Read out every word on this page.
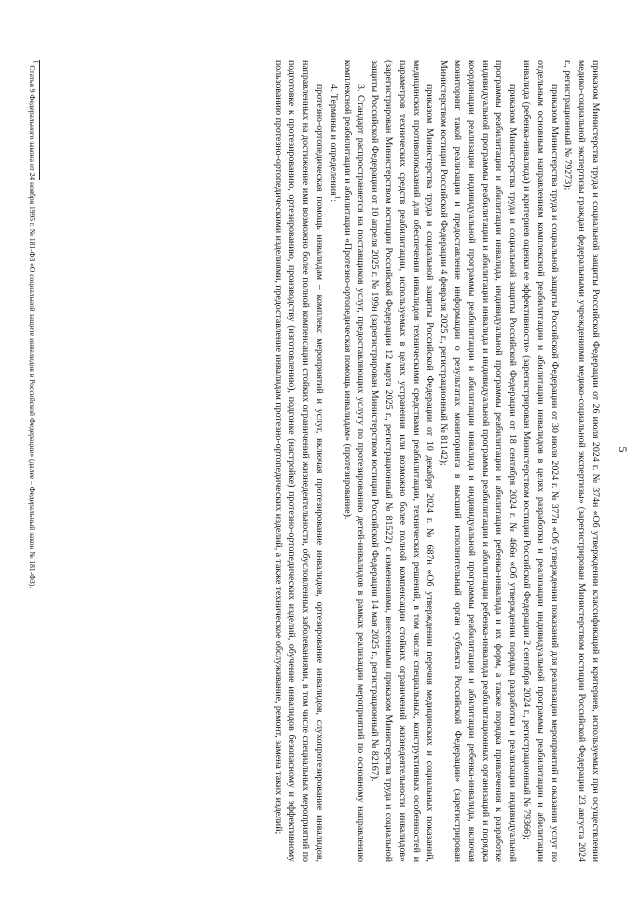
5

приказом Министерства труда и социальной защиты Российской Федерации от 26 июля 2024 г. № 374н «Об утверждении классификаций и критериев, используемых при осуществлении медико-социальной экспертизы граждан федеральными учреждениями медико-социальной экспертизы» (зарегистрирован Министерством юстиции Российской Федерации 23 августа 2024 г., регистрационный № 79273);

приказом Министерства труда и социальной защиты Российской Федерации от 30 июля 2024 г. № 377н «Об утверждении показаний для реализации мероприятий и оказания услуг по отдельным основным направлениям комплексной реабилитации и абилитации инвалидов в целях разработки и реализации индивидуальной программы реабилитации и абилитации инвалида (ребенка-инвалида) и критериев оценки ее эффективности» (зарегистрирован Министерством юстиции Российской Федерации 2 сентября 2024 г., регистрационный № 79366);

приказом Министерства труда и социальной защиты Российской Федерации от 18 сентября 2024 г. № 466н «Об утверждении порядка разработки и реализации индивидуальной программы реабилитации и абилитации инвалида, индивидуальной программы реабилитации и абилитации ребенка-инвалида и их форм, а также порядка привлечения к разработке индивидуальной программы реабилитации и абилитации инвалида и индивидуальной программы реабилитации и абилитации ребенка-инвалида реабилитационных организаций и порядка координации реализации индивидуальной программы реабилитации и абилитации инвалида и индивидуальной программы реабилитации и абилитации ребенка-инвалида, включая мониторинг такой реализации и предоставление информации о результатах мониторинга в высший исполнительный орган субъекта Российской Федерации» (зарегистрирован Министерством юстиции Российской Федерации 4 февраля 2025 г., регистрационный № 81142);

приказом Министерства труда и социальной защиты Российской Федерации от 10 декабря 2024 г. № 687н «Об утверждении перечня медицинских и социальных показаний, медицинских противопоказаний для обеспечения инвалидов техническими средствами реабилитации, технических решений, в том числе специальных, конструктивных особенностей и параметров технических средств реабилитации, используемых в целях устранения или возможно более полной компенсации стойких ограничений жизнедеятельности инвалидов» (зарегистрирован Министерством юстиции Российской Федерации 12 марта 2025 г., регистрационный № 81522) с изменениями, внесенными приказом Министерства труда и социальной защиты Российской Федерации от 10 апреля 2025 г. № 199н (зарегистрирован Министерством юстиции Российской Федерации 14 мая 2025 г., регистрационный № 82167).

3. Стандарт распространяется на поставщиков услуг, предоставляющих услугу по протезированию детей-инвалидов в рамках реализации мероприятий по основному направлению комплексной реабилитации и абилитации «Протезно-ортопедическая помощь инвалидам» (протезирование).

4. Термины и определения$^1$:

протезно-ортопедическая помощь инвалидам – комплекс мероприятий и услуг, включая протезирование инвалидов, ортезирование инвалидов, слухопротезирование инвалидов, направленных на достижение ими возможно более полной компенсации стойких ограничений жизнедеятельности, обусловленных заболеваниями, в том числе специальных мероприятий по подготовке к протезированию, ортезированию, производству (изготовлению), подгонке (настройке) протезно-ортопедических изделий, обучение инвалидов безопасному и эффективному пользованию протезно-ортопедическими изделиями, предоставление инвалидам протезно-ортопедических изделий, а также техническое обслуживание, ремонт, замена таких изделий;

$^1$ Статья 9 Федерального закона от 24 ноября 1995 г. № 181-ФЗ «О социальной защите инвалидов в Российской Федерации» (далее – Федеральный закон № 181-ФЗ).
